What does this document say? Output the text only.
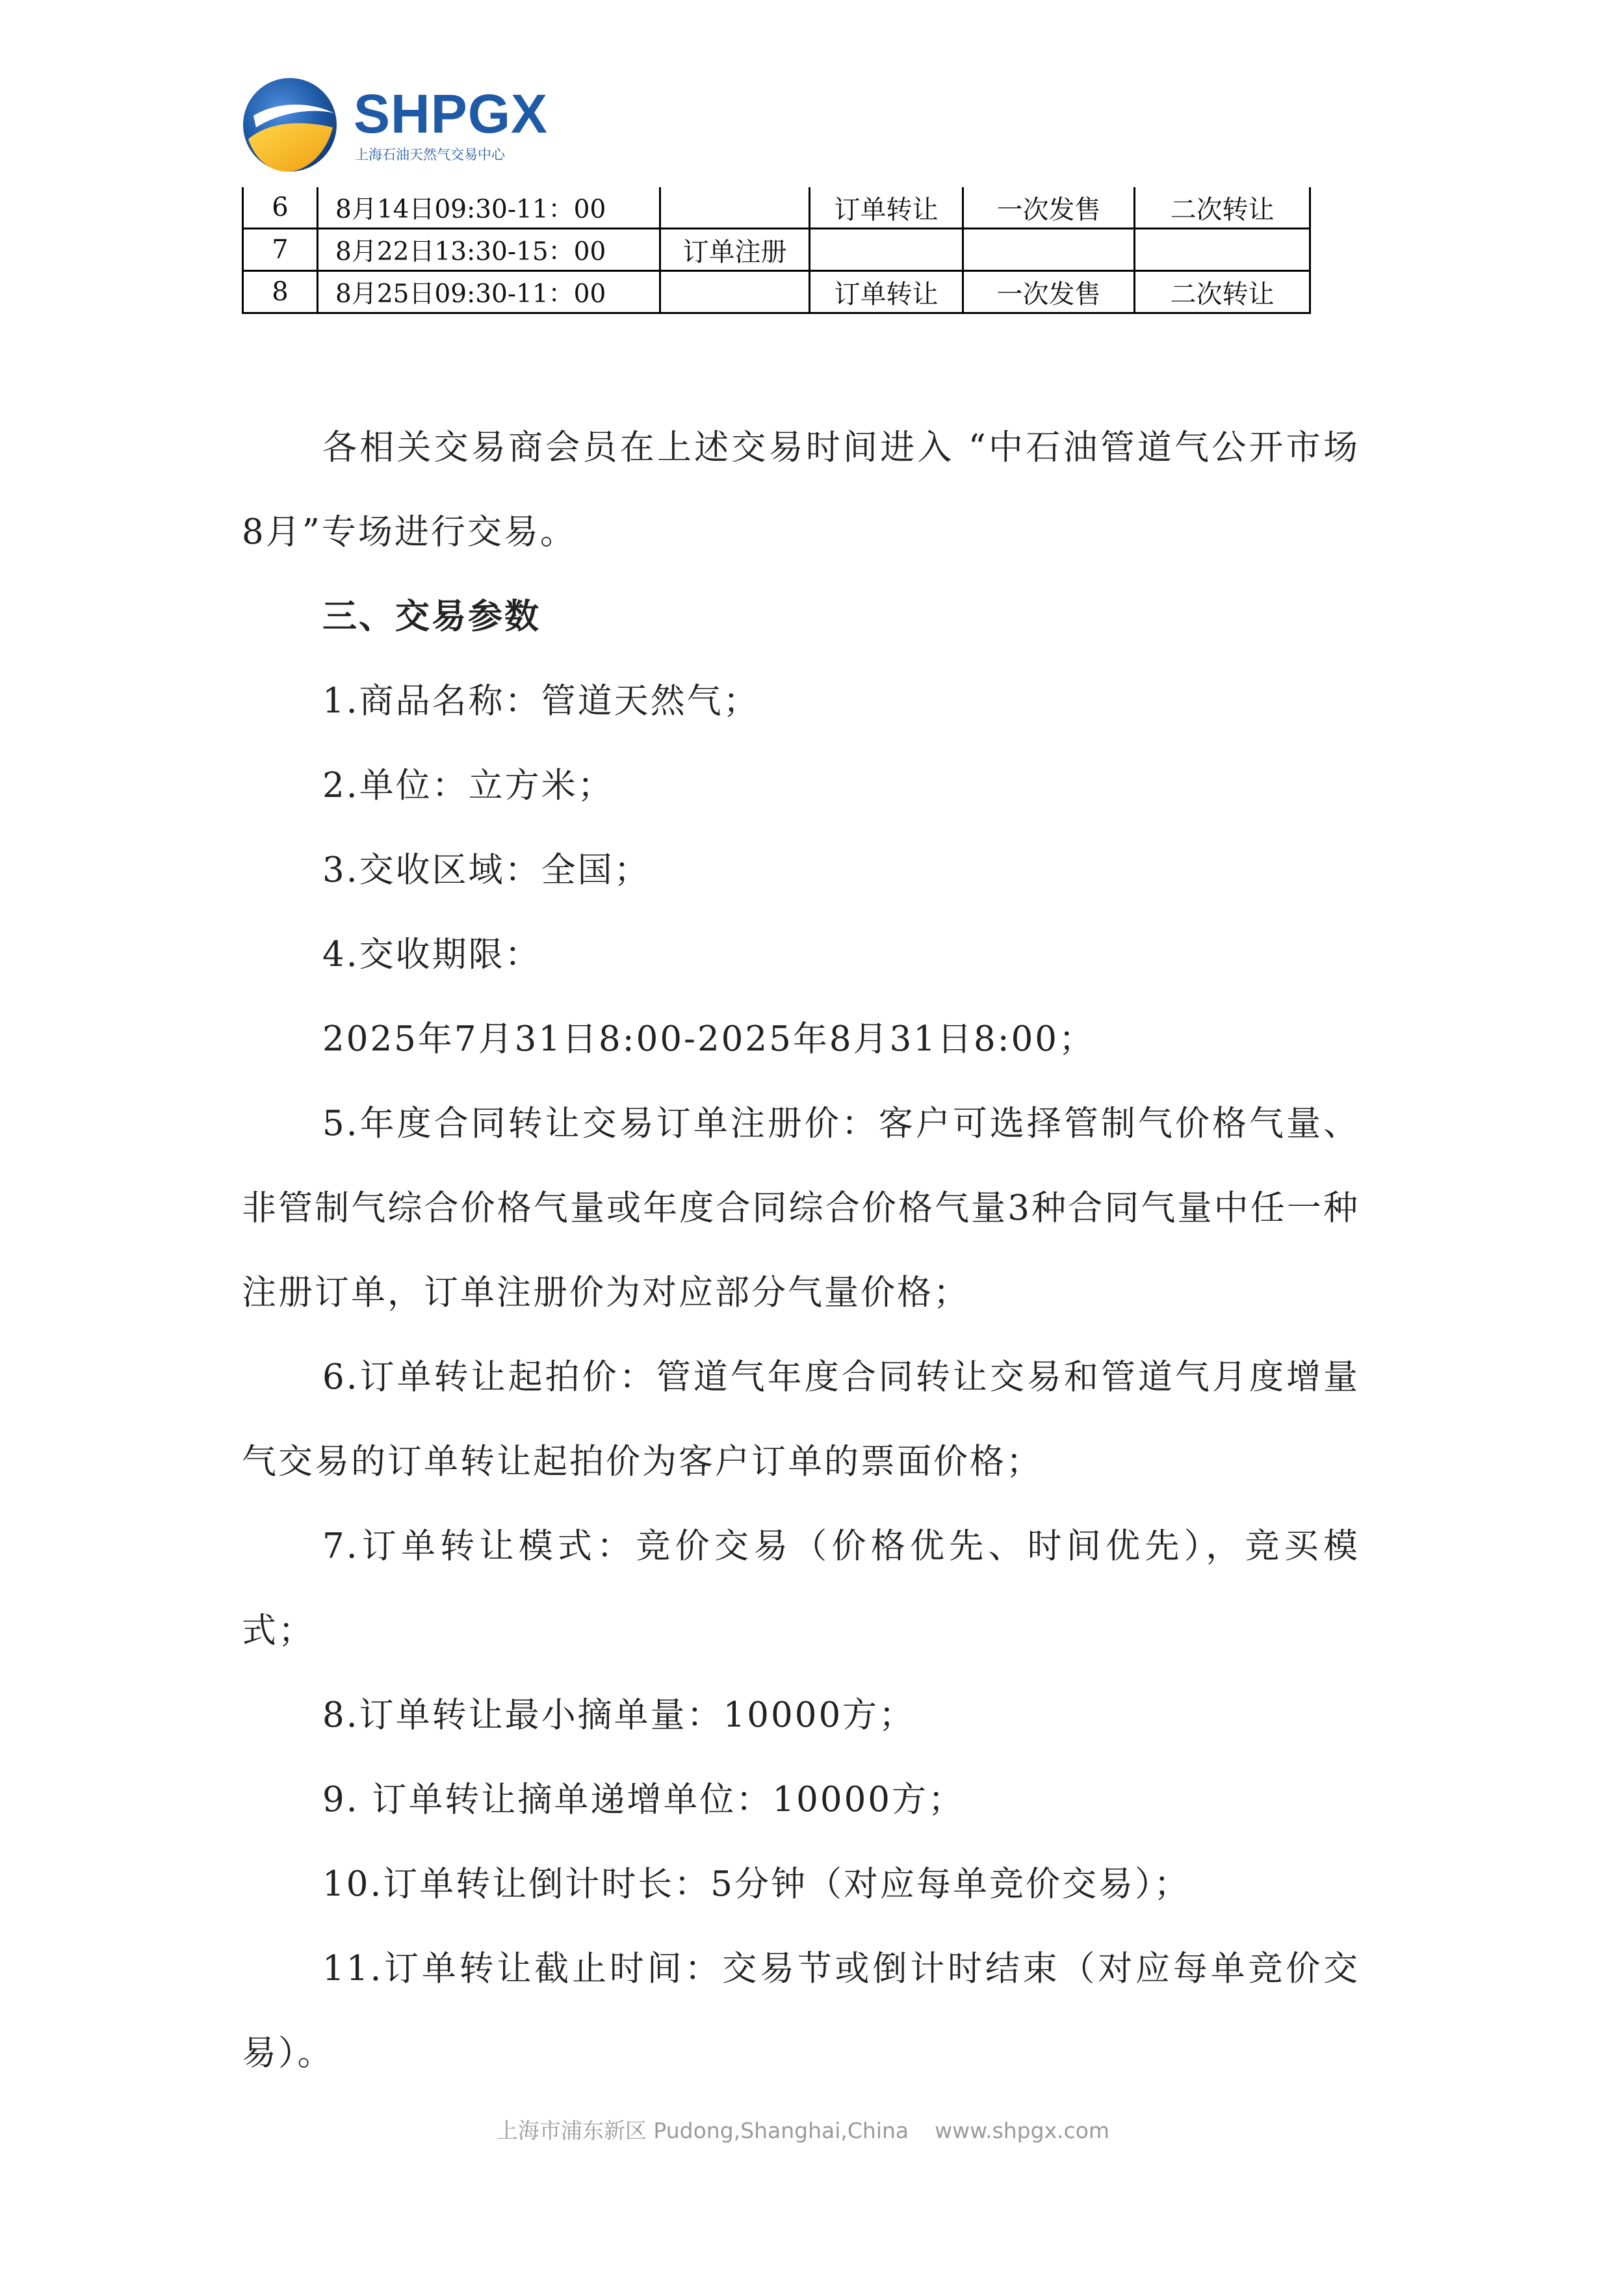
SHPGX
上海石油天然气交易中心
6	8月14日09:30-11：00		订单转让	一次发售	二次转让
7	8月22日13:30-15：00	订单注册			
8	8月25日09:30-11：00		订单转让	一次发售	二次转让

各相关交易商会员在上述交易时间进入 “中石油管道气公开市场8月”专场进行交易。

三、交易参数

1.商品名称：管道天然气；

2.单位：立方米；

3.交收区域：全国；

4.交收期限：

2025年7月31日8:00-2025年8月31日8:00；

5.年度合同转让交易订单注册价：客户可选择管制气价格气量、非管制气综合价格气量或年度合同综合价格气量3种合同气量中任一种注册订单，订单注册价为对应部分气量价格；

6.订单转让起拍价：管道气年度合同转让交易和管道气月度增量气交易的订单转让起拍价为客户订单的票面价格；

7.订单转让模式：竞价交易（价格优先、时间优先），竞买模式；

8.订单转让最小摘单量：10000方；

9. 订单转让摘单递增单位：10000方；

10.订单转让倒计时长：5分钟（对应每单竞价交易）；

11.订单转让截止时间：交易节或倒计时结束（对应每单竞价交易）。

上海市浦东新区 Pudong,Shanghai,China www.shpgx.com
